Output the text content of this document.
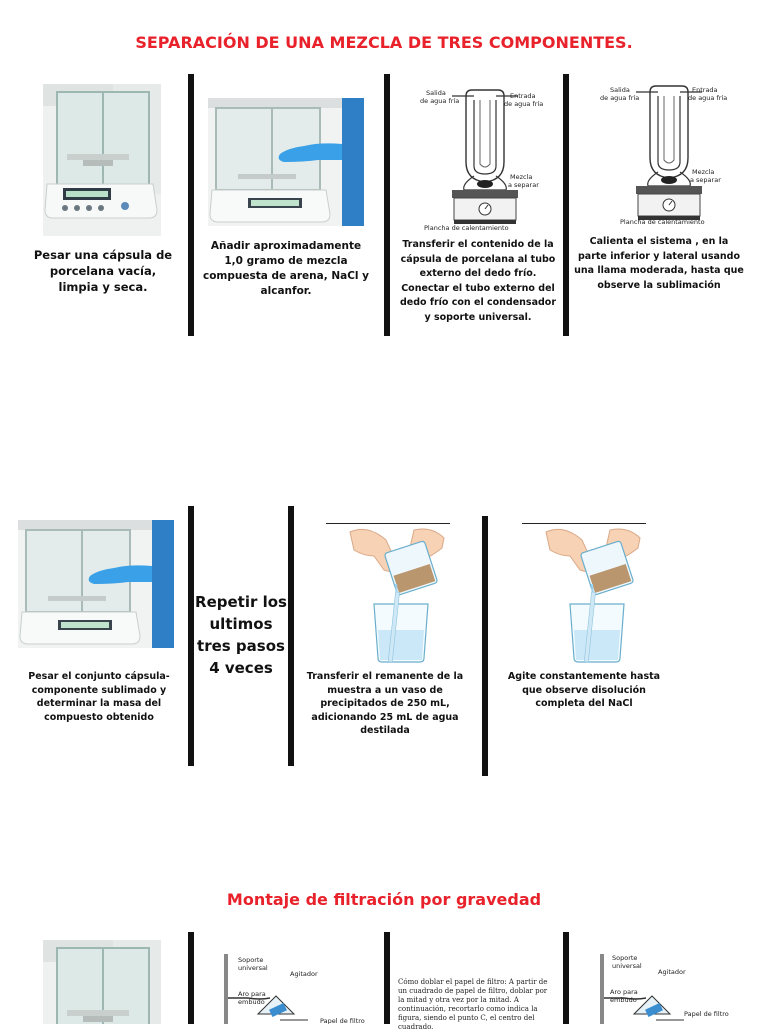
SEPARACIÓN DE UNA MEZCLA DE TRES COMPONENTES.
Pesar una cápsula de porcelana vacía, limpia y seca.
Añadir aproximadamente 1,0 gramo de mezcla compuesta de arena, NaCl y alcanfor.
Salida
de agua fría
Entrada
de agua fría
Mezcla
a separar
Plancha de calentamiento
Transferir el contenido de la cápsula de porcelana al tubo externo del dedo frío. Conectar el tubo externo del dedo frío con el condensador y soporte universal.
Salida
de agua fría
Entrada
de agua fría
Mezcla
a separar
Plancha de calentamiento
Calienta el sistema , en la parte inferior y lateral usando una llama moderada, hasta que observe la sublimación
Pesar el conjunto cápsula-componente sublimado y determinar la masa del compuesto obtenido
Repetir los ultimos tres pasos 4 veces	Transferir el remanente de la muestra a un vaso de precipitados de 250 mL, adicionando 25 mL de agua destilada
Agite constantemente hasta que observe disolución completa del NaCl
Montaje de filtración por gravedad
Soporte
universal
Agitador
Aro para
embudo
Papel de filtro
Cómo doblar el papel de filtro: A partir de un cuadrado de papel de filtro, doblar por la mitad y otra vez por la mitad. A continuación, recortarlo como indica la figura, siendo el punto C, el centro del cuadrado.
Soporte
universal
Agitador
Aro para
embudo
Papel de filtro
